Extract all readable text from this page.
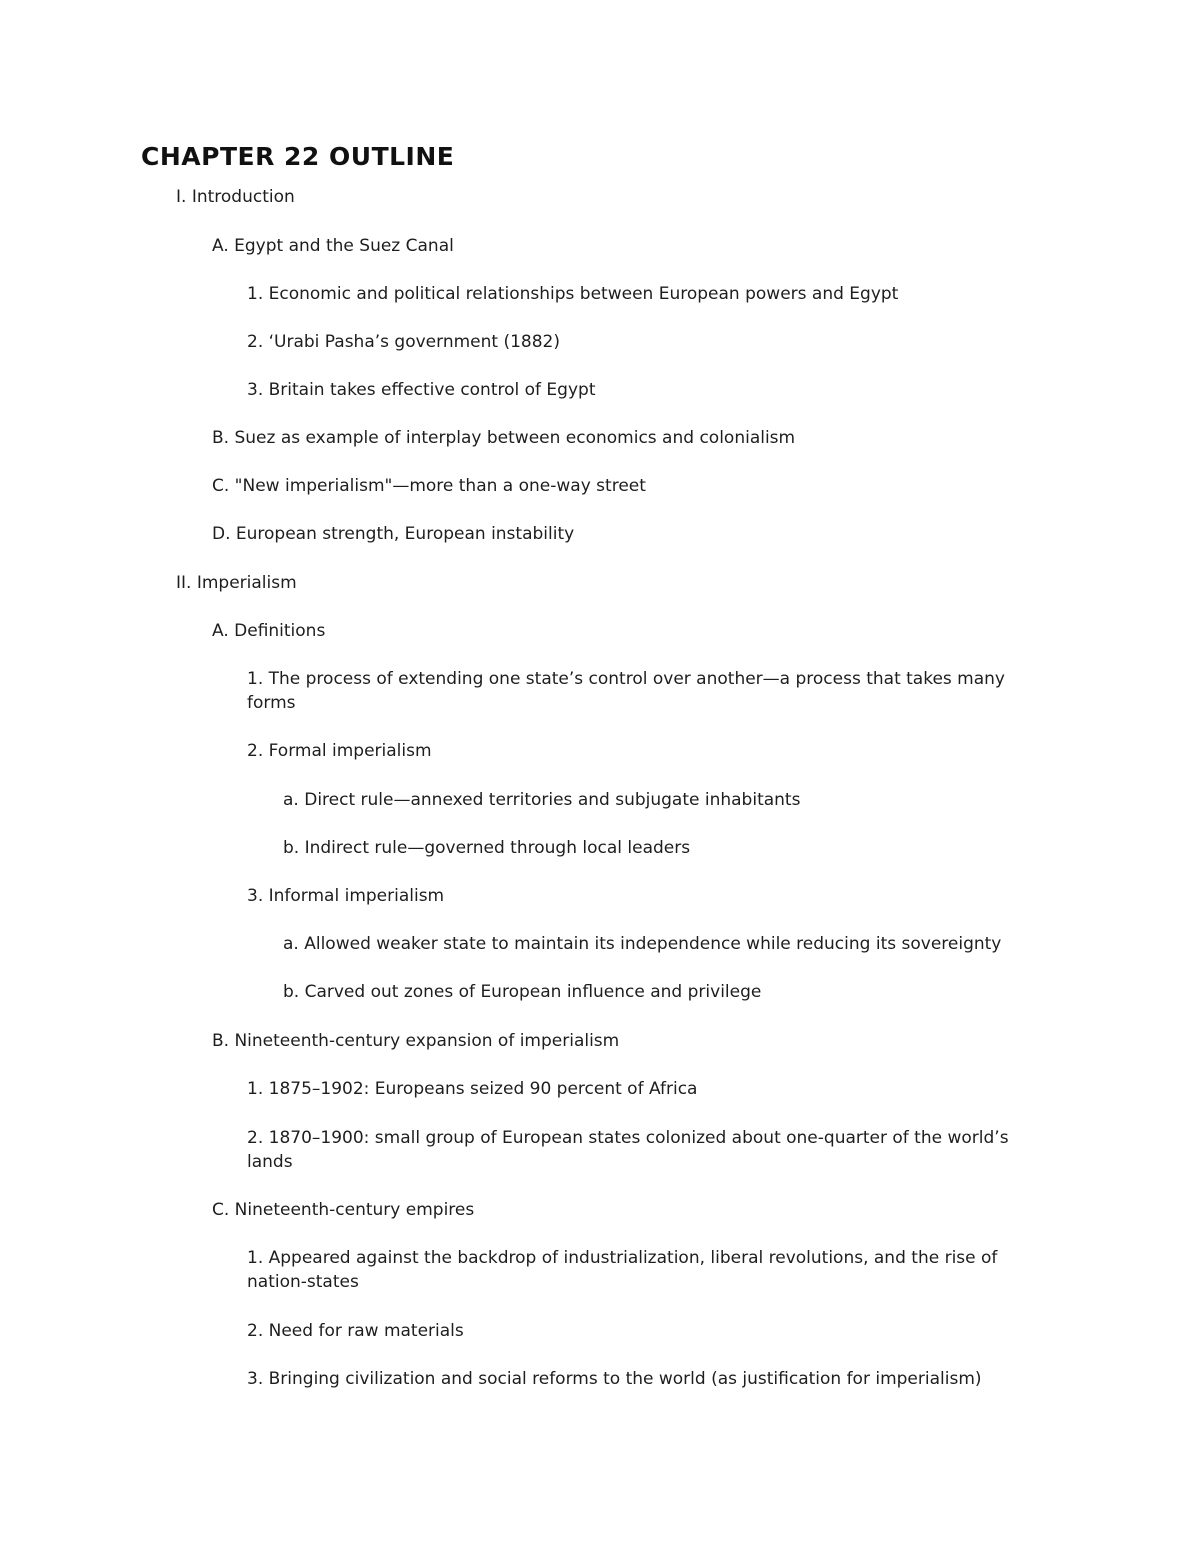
CHAPTER 22 OUTLINE
I. Introduction
A. Egypt and the Suez Canal
1. Economic and political relationships between European powers and Egypt
2. ‘Urabi Pasha’s government (1882)
3. Britain takes effective control of Egypt
B. Suez as example of interplay between economics and colonialism
C. "New imperialism"—more than a one-way street
D. European strength, European instability
II. Imperialism
A. Definitions
1. The process of extending one state’s control over another—a process that takes many forms
2. Formal imperialism
a. Direct rule—annexed territories and subjugate inhabitants
b. Indirect rule—governed through local leaders
3. Informal imperialism
a. Allowed weaker state to maintain its independence while reducing its sovereignty
b. Carved out zones of European influence and privilege
B. Nineteenth-century expansion of imperialism
1. 1875–1902: Europeans seized 90 percent of Africa
2. 1870–1900: small group of European states colonized about one-quarter of the world’s lands
C. Nineteenth-century empires
1. Appeared against the backdrop of industrialization, liberal revolutions, and the rise of nation-states
2. Need for raw materials
3. Bringing civilization and social reforms to the world (as justification for imperialism)
